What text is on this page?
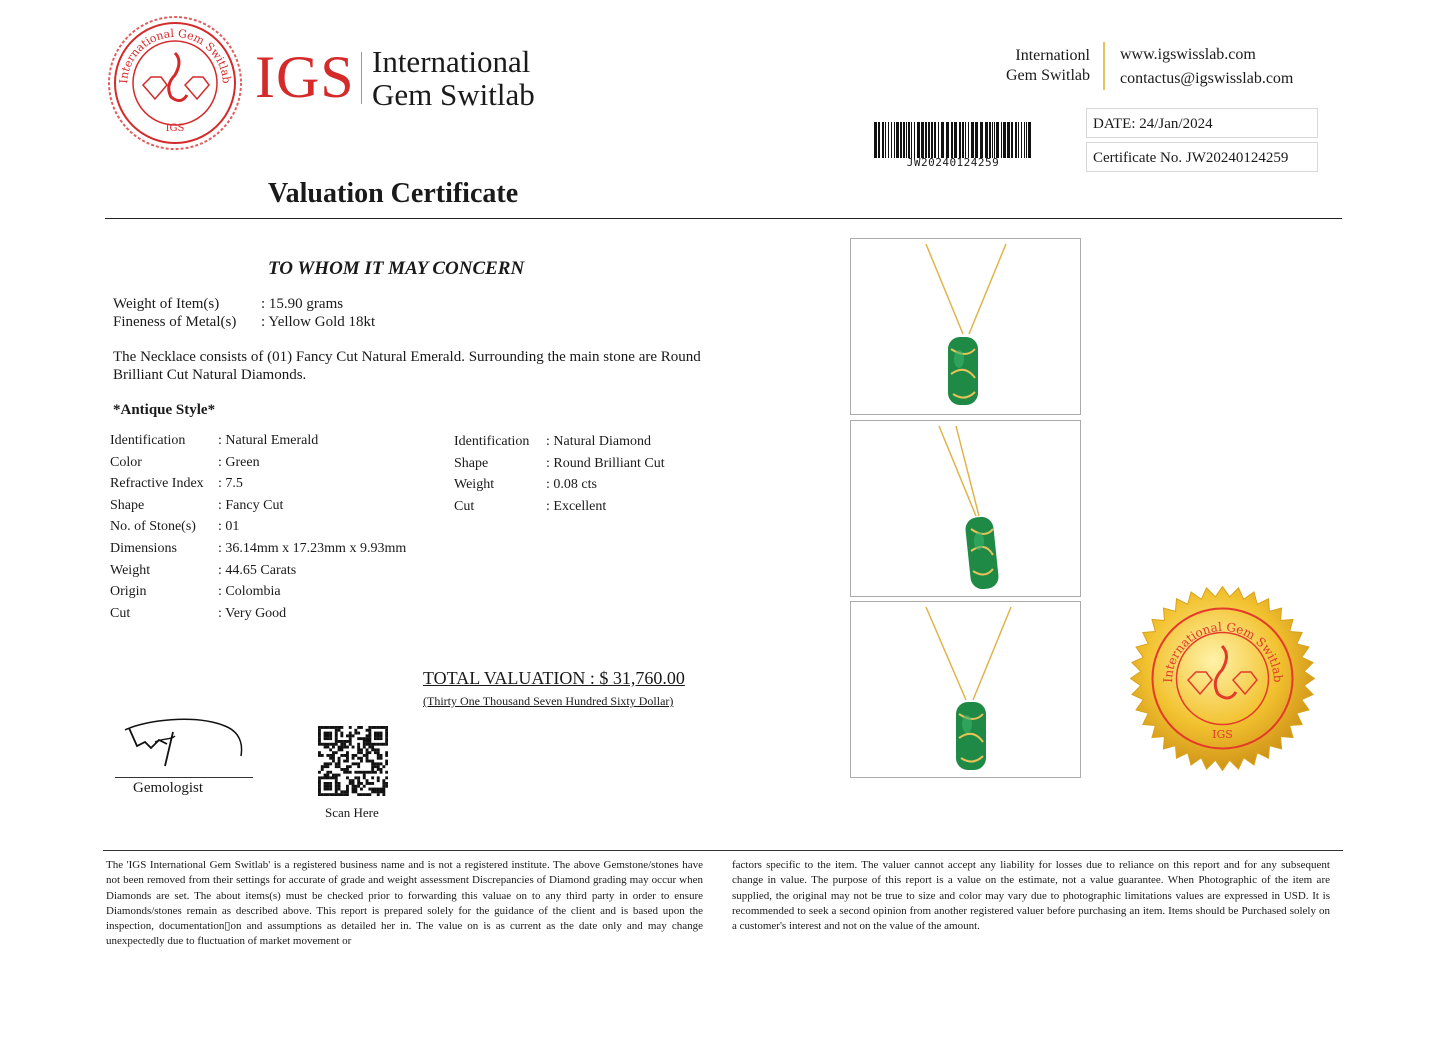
International Gem Switlab
IGS
IGS International
Gem Switlab
Internationl
Gem Switlab
www.igswisslab.com
contactus@igswisslab.com
JW20240124259
DATE: 24/Jan/2024
Certificate No. JW20240124259
Valuation Certificate
TO WHOM IT MAY CONCERN
Weight of Item(s)	: 15.90 grams
Fineness of Metal(s) : Yellow Gold 18kt
The Necklace consists of (01) Fancy Cut Natural Emerald. Surrounding the main stone are Round Brilliant Cut Natural Diamonds.
*Antique Style*
Identification : Natural Emerald
Color	: Green
Refractive Index : 7.5
Shape	: Fancy Cut
No. of Stone(s) : 01
Dimensions	: 36.14mm x 17.23mm x 9.93mm
Weight	: 44.65 Carats
Origin	: Colombia
Cut	: Very Good
Identification : Natural Diamond
Shape	: Round Brilliant Cut
Weight	: 0.08 cts
Cut	: Excellent
TOTAL VALUATION : $ 31,760.00
(Thirty One Thousand Seven Hundred Sixty Dollar)
Gemologist
Scan Here
International Gem Switlab
IGS
The 'IGS International Gem Switlab' is a registered business name and is not a registered institute. The above Gemstone/stones have not been removed from their settings for accurate of grade and weight assessment Discrepancies of Diamond grading may occur when Diamonds are set. The about items(s) must be checked prior to forwarding this valuae on to any third party in order to ensure Diamonds/stones remain as described above. This report is prepared solely for the guidance of the client and is based upon the inspection, documentation▯on and assumptions as detailed her in. The value on is as current as the date only and may change unexpectedly due to fluctuation of market movement or
factors specific to the item. The valuer cannot accept any liability for losses due to reliance on this report and for any subsequent change in value. The purpose of this report is a value on the estimate, not a value guarantee. When Photographic of the item are supplied, the original may not be true to size and color may vary due to photographic limitations values are expressed in USD. It is recommended to seek a second opinion from another registered valuer before purchasing an item. Items should be Purchased solely on a customer's interest and not on the value of the amount.
